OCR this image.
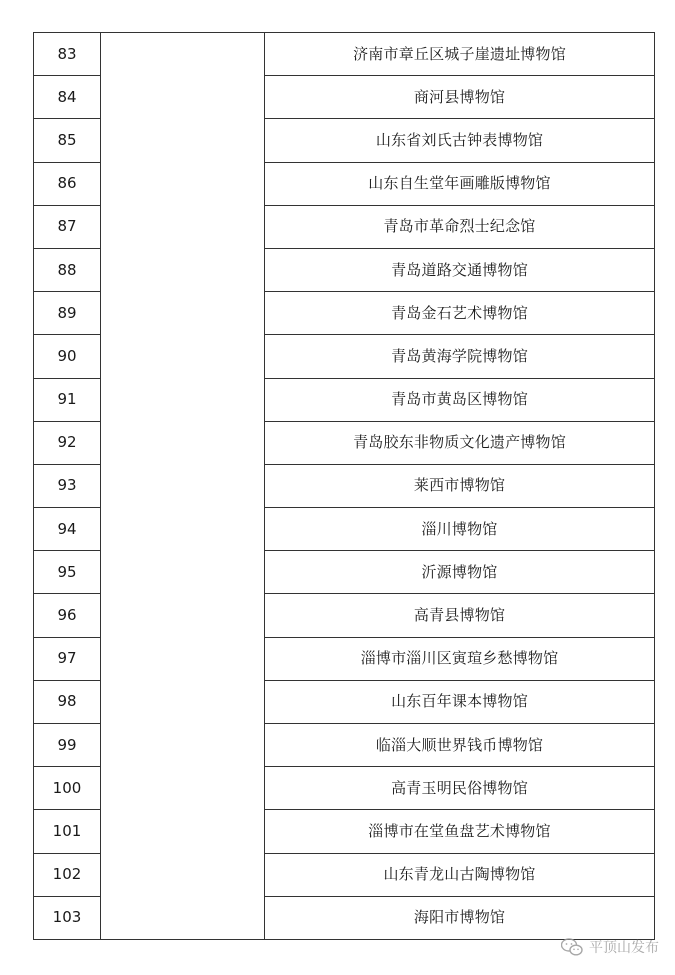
83		济南市章丘区城子崖遗址博物馆
84		商河县博物馆
85		山东省刘氏古钟表博物馆
86		山东自生堂年画雕版博物馆
87		青岛市革命烈士纪念馆
88		青岛道路交通博物馆
89		青岛金石艺术博物馆
90		青岛黄海学院博物馆
91		青岛市黄岛区博物馆
92		青岛胶东非物质文化遗产博物馆
93		莱西市博物馆
94		淄川博物馆
95		沂源博物馆
96		高青县博物馆
97		淄博市淄川区寅瑄乡愁博物馆
98		山东百年课本博物馆
99		临淄大顺世界钱币博物馆
100		高青玉明民俗博物馆
101		淄博市在堂鱼盘艺术博物馆
102		山东青龙山古陶博物馆
103		海阳市博物馆
平顶山发布
